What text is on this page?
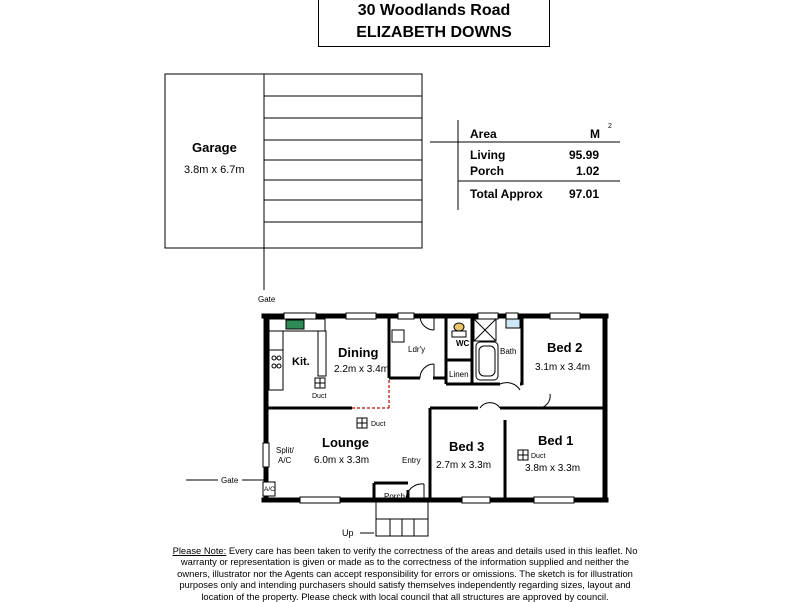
30 Woodlands Road
ELIZABETH DOWNS
Garage
3.8m x 6.7m
Gate
Area	M
2
Living	95.99
Porch	1.02
Total Approx 97.01
Kit.
Dining
2.2m x 3.4m
Duct
Ldr'y
WC
Bath
Linen
Bed 2
3.1m x 3.4m
Duct
Lounge
6.0m x 3.3m
Split/
A/C
A/C
Entry
Porch
Bed 3
2.7m x 3.3m
Bed 1
Duct
3.8m x 3.3m
Gate
Up
Please Note: Every care has been taken to verify the correctness of the areas and details used in this leaflet. No warranty or representation is given or made as to the correctness of the information supplied and neither the owners, illustrator nor the Agents can accept responsibility for errors or omissions. The sketch is for illustration purposes only and intending purchasers should satisfy themselves independently regarding sizes, layout and location of the property. Please check with local council that all structures are approved by council.
